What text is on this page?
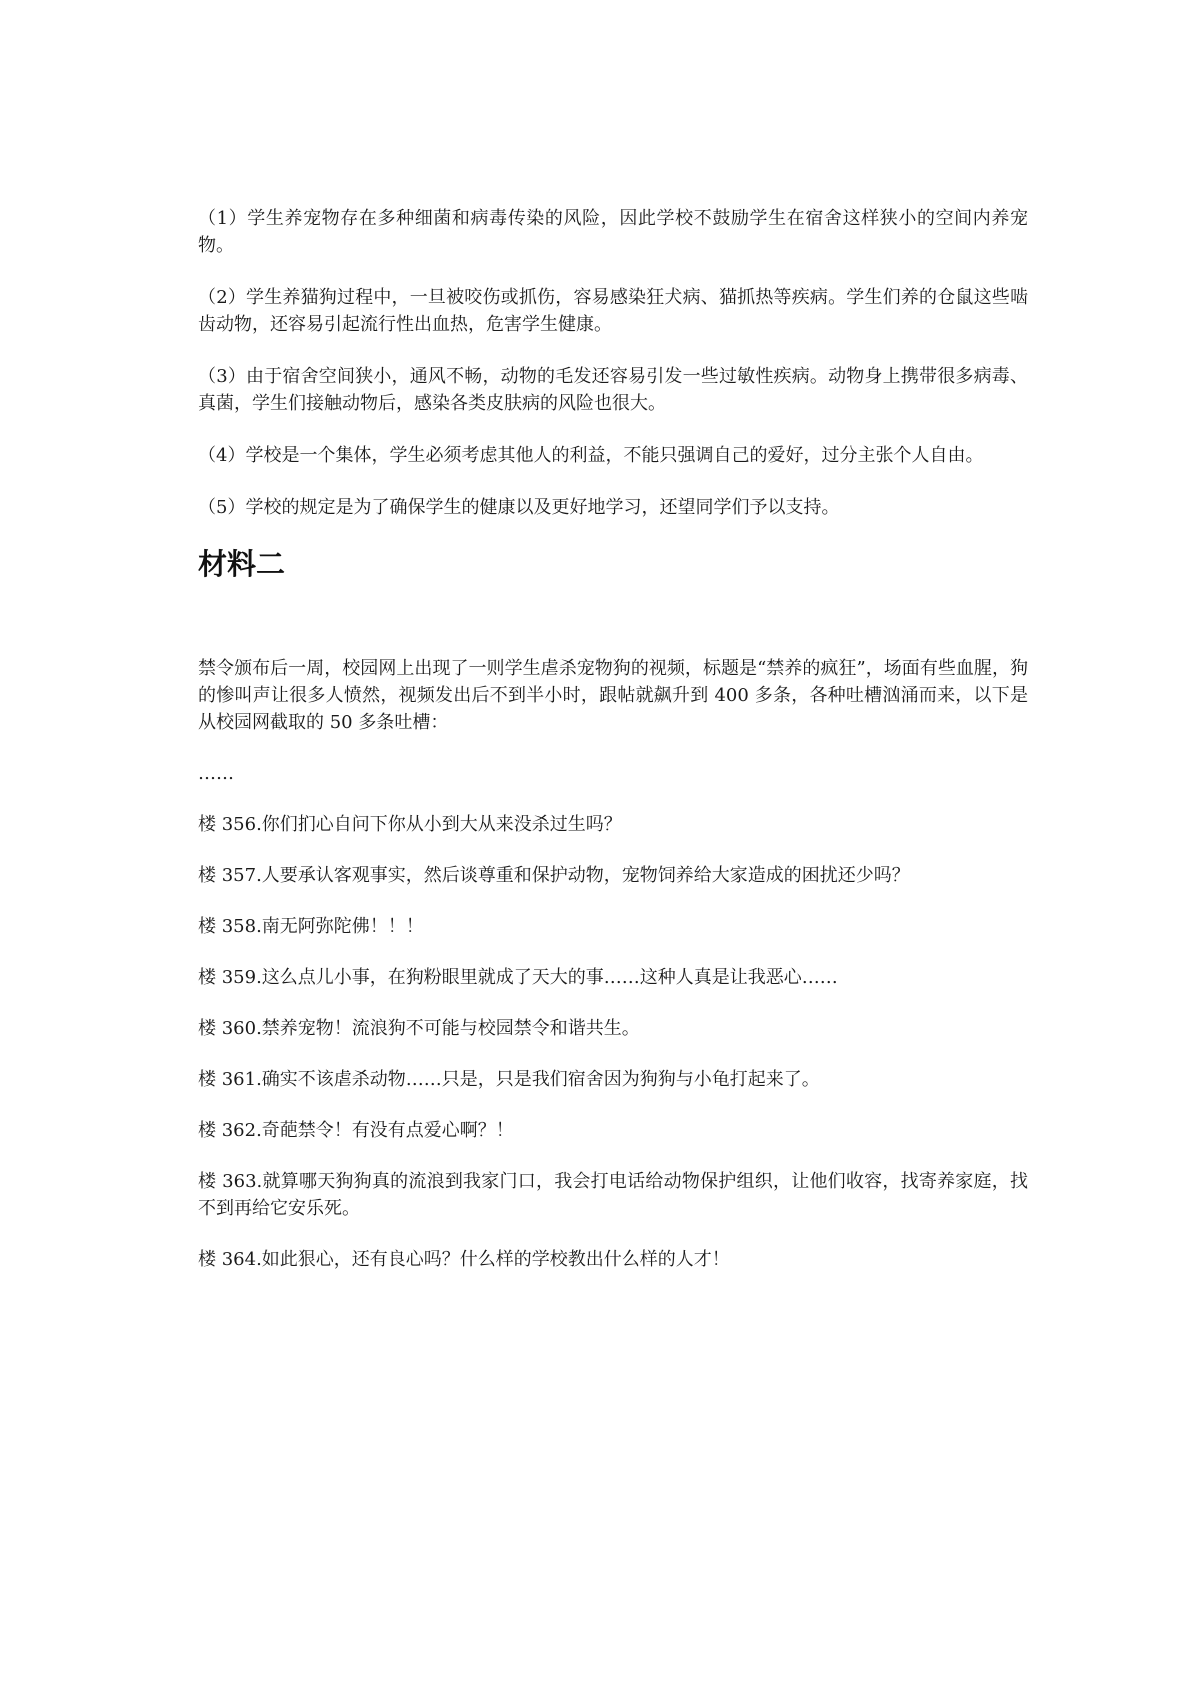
（1）学生养宠物存在多种细菌和病毒传染的风险，因此学校不鼓励学生在宿舍这样狭小的空间内养宠物。

（2）学生养猫狗过程中，一旦被咬伤或抓伤，容易感染狂犬病、猫抓热等疾病。学生们养的仓鼠这些啮齿动物，还容易引起流行性出血热，危害学生健康。

（3）由于宿舍空间狭小，通风不畅，动物的毛发还容易引发一些过敏性疾病。动物身上携带很多病毒、真菌，学生们接触动物后，感染各类皮肤病的风险也很大。

（4）学校是一个集体，学生必须考虑其他人的利益，不能只强调自己的爱好，过分主张个人自由。

（5）学校的规定是为了确保学生的健康以及更好地学习，还望同学们予以支持。

材料二

禁令颁布后一周，校园网上出现了一则学生虐杀宠物狗的视频，标题是“禁养的疯狂”，场面有些血腥，狗的惨叫声让很多人愤然，视频发出后不到半小时，跟帖就飙升到 400 多条，各种吐槽汹涌而来，以下是从校园网截取的 50 多条吐槽：

……

楼 356.你们扪心自问下你从小到大从来没杀过生吗？

楼 357.人要承认客观事实，然后谈尊重和保护动物，宠物饲养给大家造成的困扰还少吗？

楼 358.南无阿弥陀佛！！！

楼 359.这么点儿小事，在狗粉眼里就成了天大的事……这种人真是让我恶心……

楼 360.禁养宠物！流浪狗不可能与校园禁令和谐共生。

楼 361.确实不该虐杀动物……只是，只是我们宿舍因为狗狗与小龟打起来了。

楼 362.奇葩禁令！有没有点爱心啊？！

楼 363.就算哪天狗狗真的流浪到我家门口，我会打电话给动物保护组织，让他们收容，找寄养家庭，找不到再给它安乐死。

楼 364.如此狠心，还有良心吗？什么样的学校教出什么样的人才！
